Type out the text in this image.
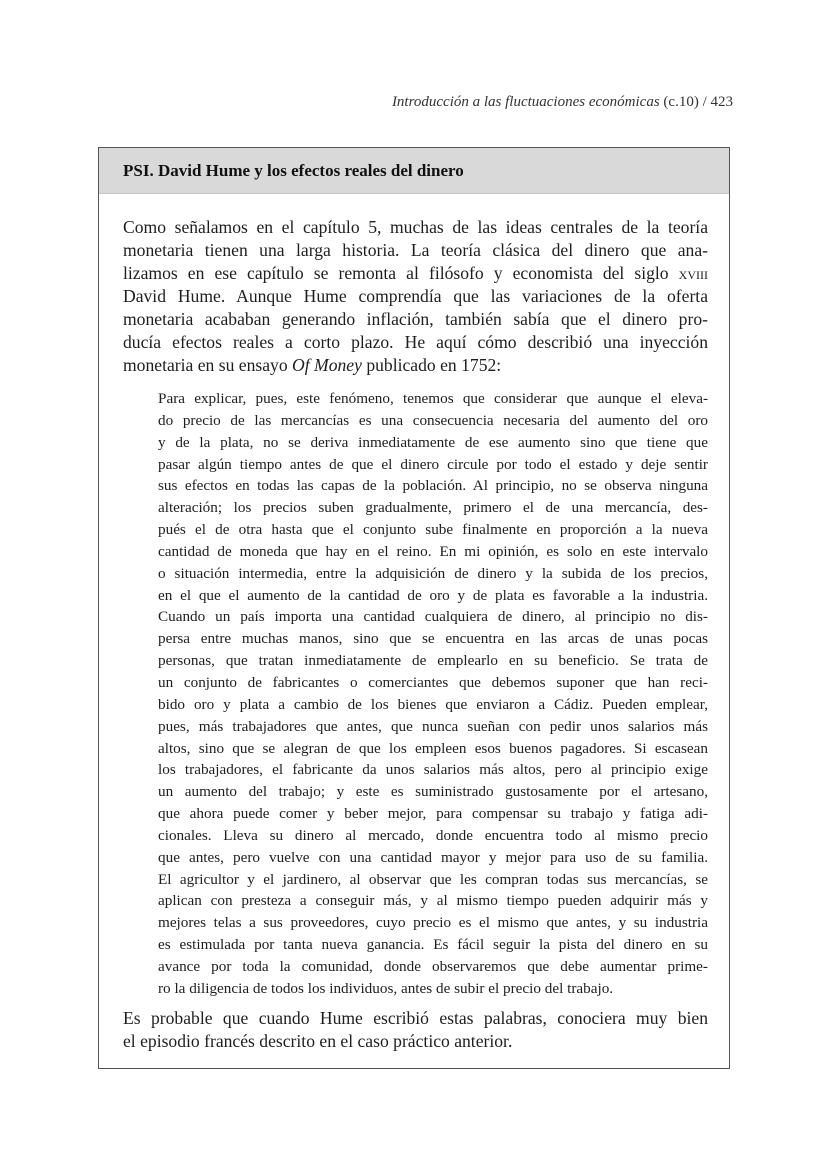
Introducción a las fluctuaciones económicas (c.10) / 423
PSI. David Hume y los efectos reales del dinero
Como señalamos en el capítulo 5, muchas de las ideas centrales de la teoría
monetaria tienen una larga historia. La teoría clásica del dinero que ana-
lizamos en ese capítulo se remonta al filósofo y economista del siglo xviii
David Hume. Aunque Hume comprendía que las variaciones de la oferta
monetaria acababan generando inflación, también sabía que el dinero pro-
ducía efectos reales a corto plazo. He aquí cómo describió una inyección
monetaria en su ensayo Of Money publicado en 1752:
Para explicar, pues, este fenómeno, tenemos que considerar que aunque el eleva-
do precio de las mercancías es una consecuencia necesaria del aumento del oro
y de la plata, no se deriva inmediatamente de ese aumento sino que tiene que
pasar algún tiempo antes de que el dinero circule por todo el estado y deje sentir
sus efectos en todas las capas de la población. Al principio, no se observa ninguna
alteración; los precios suben gradualmente, primero el de una mercancía, des-
pués el de otra hasta que el conjunto sube finalmente en proporción a la nueva
cantidad de moneda que hay en el reino. En mi opinión, es solo en este intervalo
o situación intermedia, entre la adquisición de dinero y la subida de los precios,
en el que el aumento de la cantidad de oro y de plata es favorable a la industria.
Cuando un país importa una cantidad cualquiera de dinero, al principio no dis-
persa entre muchas manos, sino que se encuentra en las arcas de unas pocas
personas, que tratan inmediatamente de emplearlo en su beneficio. Se trata de
un conjunto de fabricantes o comerciantes que debemos suponer que han reci-
bido oro y plata a cambio de los bienes que enviaron a Cádiz. Pueden emplear,
pues, más trabajadores que antes, que nunca sueñan con pedir unos salarios más
altos, sino que se alegran de que los empleen esos buenos pagadores. Si escasean
los trabajadores, el fabricante da unos salarios más altos, pero al principio exige
un aumento del trabajo; y este es suministrado gustosamente por el artesano,
que ahora puede comer y beber mejor, para compensar su trabajo y fatiga adi-
cionales. Lleva su dinero al mercado, donde encuentra todo al mismo precio
que antes, pero vuelve con una cantidad mayor y mejor para uso de su familia.
El agricultor y el jardinero, al observar que les compran todas sus mercancías, se
aplican con presteza a conseguir más, y al mismo tiempo pueden adquirir más y
mejores telas a sus proveedores, cuyo precio es el mismo que antes, y su industria
es estimulada por tanta nueva ganancia. Es fácil seguir la pista del dinero en su
avance por toda la comunidad, donde observaremos que debe aumentar prime-
ro la diligencia de todos los individuos, antes de subir el precio del trabajo.
Es probable que cuando Hume escribió estas palabras, conociera muy bien
el episodio francés descrito en el caso práctico anterior.
